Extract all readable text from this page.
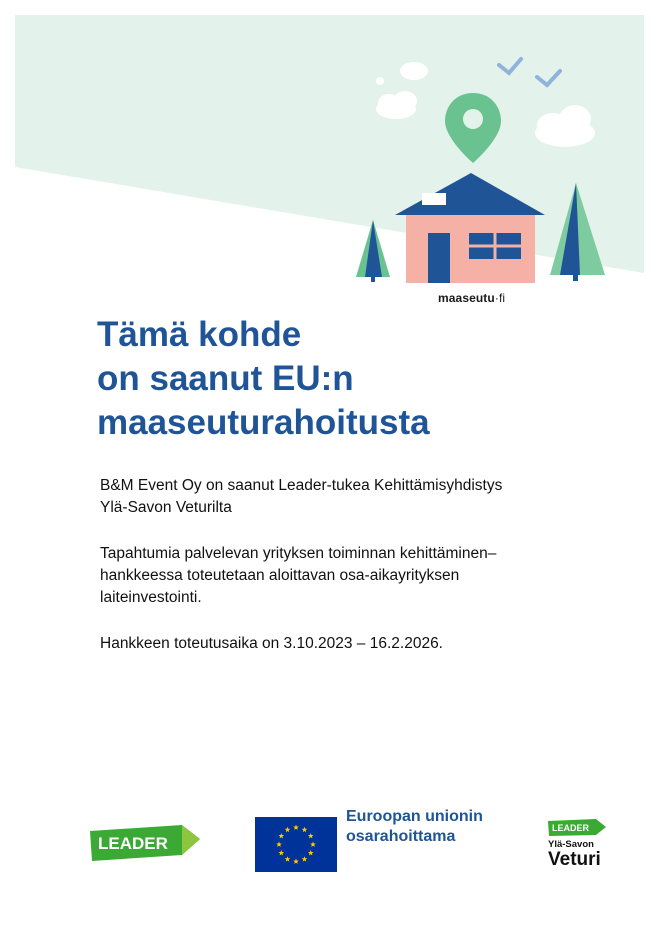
maaseutu·fi
Tämä kohde
on saanut EU:n
maaseuturahoitusta

B&M Event Oy on saanut Leader-tukea Kehittämisyhdistys
Ylä-Savon Veturilta

Tapahtumia palvelevan yrityksen toiminnan kehittäminen–
hankkeessa toteutetaan aloittavan osa-aikayrityksen
laiteinvestointi.

Hankkeen toteutusaika on 3.10.2023 – 16.2.2026.

LEADER
Euroopan unionin
osarahoittama	LEADER
Ylä-Savon
Veturi
